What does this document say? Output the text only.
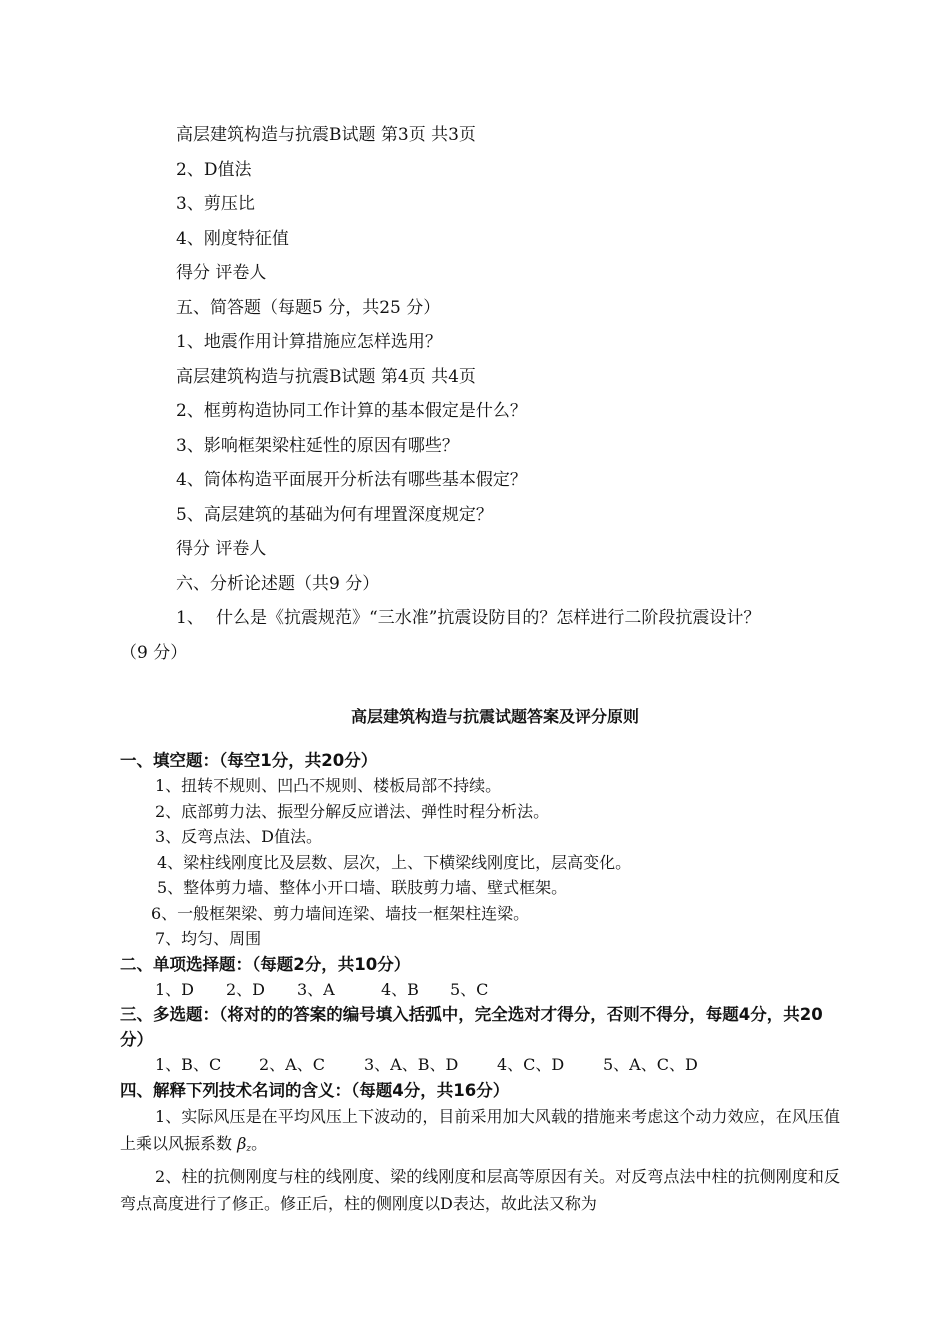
高层建筑构造与抗震B试题 第3页 共3页
2、D值法
3、剪压比
4、刚度特征值
得分 评卷人
五、简答题（每题5 分，共25 分）
1、地震作用计算措施应怎样选用？
高层建筑构造与抗震B试题 第4页 共4页
2、框剪构造协同工作计算的基本假定是什么？
3、影响框架梁柱延性的原因有哪些？
4、筒体构造平面展开分析法有哪些基本假定？
5、高层建筑的基础为何有埋置深度规定？
得分 评卷人
六、分析论述题（共9 分）
1、 什么是《抗震规范》“三水准”抗震设防目的？怎样进行二阶段抗震设计？
（9 分）
高层建筑构造与抗震试题答案及评分原则
一、填空题：（每空1分，共20分）
1、扭转不规则、凹凸不规则、楼板局部不持续。
2、底部剪力法、振型分解反应谱法、弹性时程分析法。
3、反弯点法、D值法。
4、梁柱线刚度比及层数、层次，上、下横梁线刚度比，层高变化。
5、整体剪力墙、整体小开口墙、联肢剪力墙、壁式框架。
6、一般框架梁、剪力墙间连梁、墙技一框架柱连梁。
7、均匀、周围
二、单项选择题：（每题2分，共10分）
1、D 2、D 3、A	4、B 5、C
三、多选题：（将对的的答案的编号填入括弧中，完全选对才得分，否则不得分，每题4分，共20分）
1、B、C 2、A、C 3、A、B、D 4、C、D 5、A、C、D
四、解释下列技术名词的含义：（每题4分，共16分）
1、实际风压是在平均风压上下波动的，目前采用加大风载的措施来考虑这个动力效应，在风压值上乘以风振系数 βz。
2、柱的抗侧刚度与柱的线刚度、梁的线刚度和层高等原因有关。对反弯点法中柱的抗侧刚度和反弯点高度进行了修正。修正后，柱的侧刚度以D表达，故此法又称为
